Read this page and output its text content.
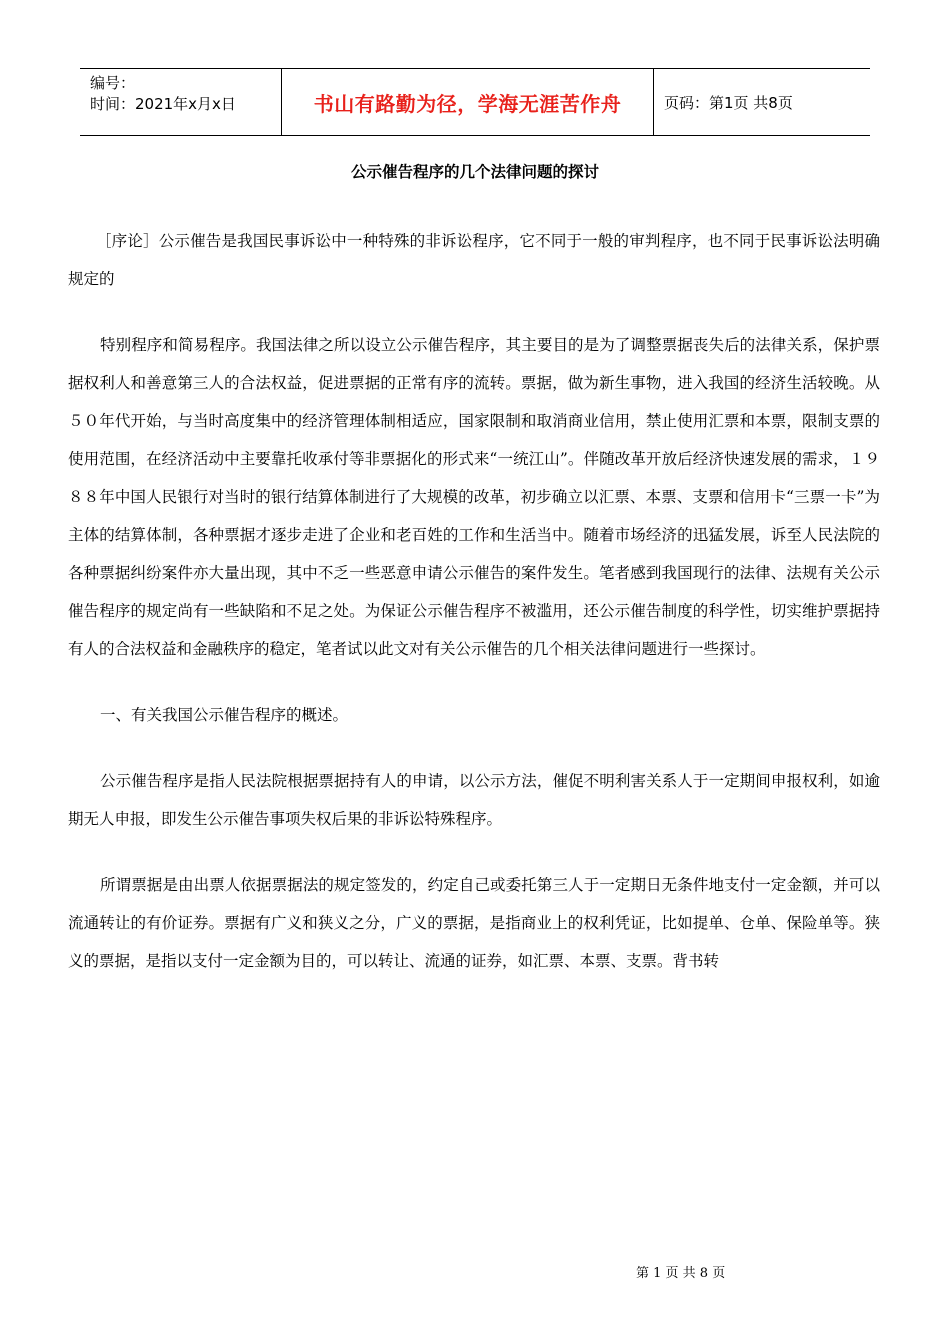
编号：
时间：2021年x月x日	书山有路勤为径，学海无涯苦作舟	页码：第1页 共8页
公示催告程序的几个法律问题的探讨

［序论］公示催告是我国民事诉讼中一种特殊的非诉讼程序，它不同于一般的审判程序，也不同于民事诉讼法明确规定的

特别程序和简易程序。我国法律之所以设立公示催告程序，其主要目的是为了调整票据丧失后的法律关系，保护票据权利人和善意第三人的合法权益，促进票据的正常有序的流转。票据，做为新生事物，进入我国的经济生活较晚。从５０年代开始，与当时高度集中的经济管理体制相适应，国家限制和取消商业信用，禁止使用汇票和本票，限制支票的使用范围，在经济活动中主要靠托收承付等非票据化的形式来“一统江山”。伴随改革开放后经济快速发展的需求，１９８８年中国人民银行对当时的银行结算体制进行了大规模的改革，初步确立以汇票、本票、支票和信用卡“三票一卡”为主体的结算体制，各种票据才逐步走进了企业和老百姓的工作和生活当中。随着市场经济的迅猛发展，诉至人民法院的各种票据纠纷案件亦大量出现，其中不乏一些恶意申请公示催告的案件发生。笔者感到我国现行的法律、法规有关公示催告程序的规定尚有一些缺陷和不足之处。为保证公示催告程序不被滥用，还公示催告制度的科学性，切实维护票据持有人的合法权益和金融秩序的稳定，笔者试以此文对有关公示催告的几个相关法律问题进行一些探讨。

一、有关我国公示催告程序的概述。

公示催告程序是指人民法院根据票据持有人的申请，以公示方法，催促不明利害关系人于一定期间申报权利，如逾期无人申报，即发生公示催告事项失权后果的非诉讼特殊程序。

所谓票据是由出票人依据票据法的规定签发的，约定自己或委托第三人于一定期日无条件地支付一定金额，并可以流通转让的有价证券。票据有广义和狭义之分，广义的票据，是指商业上的权利凭证，比如提单、仓单、保险单等。狭义的票据，是指以支付一定金额为目的，可以转让、流通的证券，如汇票、本票、支票。背书转

第 1 页 共 8 页
